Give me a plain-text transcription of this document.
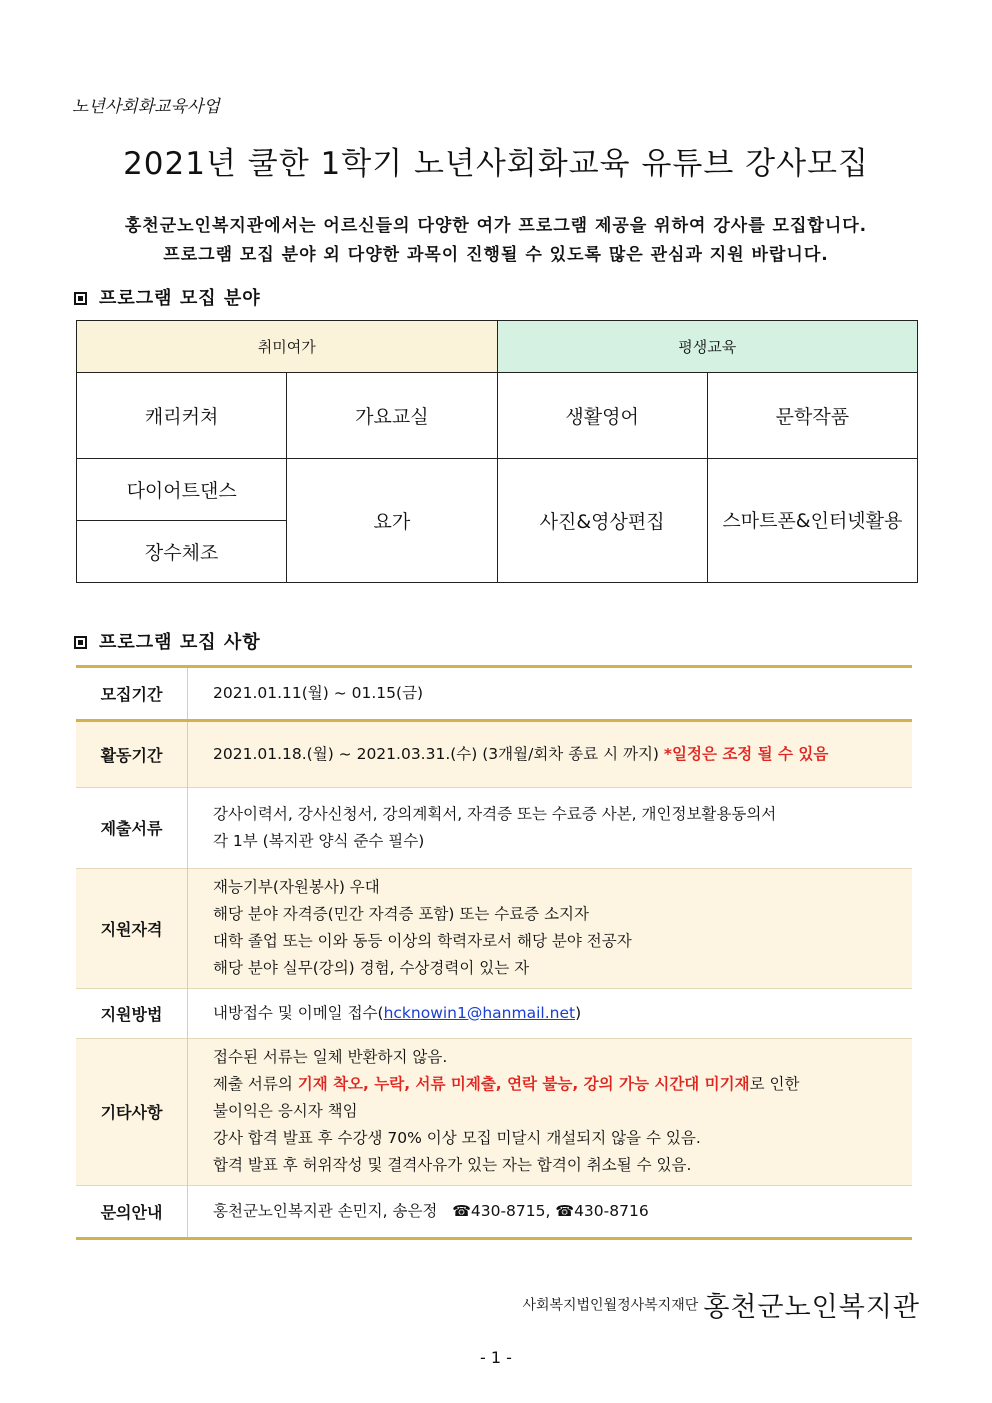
노년사회화교육사업
2021년 쿨한 1학기 노년사회화교육 유튜브 강사모집
홍천군노인복지관에서는 어르신들의 다양한 여가 프로그램 제공을 위하여 강사를 모집합니다.
프로그램 모집 분야 외 다양한 과목이 진행될 수 있도록 많은 관심과 지원 바랍니다.
프로그램 모집 분야
취미여가		평생교육	
캐리커쳐	가요교실	생활영어	문학작품
다이어트댄스	요가	사진&영상편집	스마트폰&인터넷활용
장수체조			
프로그램 모집 사항
모집기간	2021.01.11(월) ~ 01.15(금)
활동기간	2021.01.18.(월) ~ 2021.03.31.(수) (3개월/회차 종료 시 까지) *일정은 조정 될 수 있음
제출서류	강사이력서, 강사신청서, 강의계획서, 자격증 또는 수료증 사본, 개인정보활용동의서
각 1부 (복지관 양식 준수 필수)

지원자격	재능기부(자원봉사) 우대
해당 분야 자격증(민간 자격증 포함) 또는 수료증 소지자
대학 졸업 또는 이와 동등 이상의 학력자로서 해당 분야 전공자
해당 분야 실무(강의) 경험, 수상경력이 있는 자

지원방법	내방접수 및 이메일 접수(hcknowin1@hanmail.net)
기타사항	접수된 서류는 일체 반환하지 않음.
제출 서류의 기재 착오, 누락, 서류 미제출, 연락 불능, 강의 가능 시간대 미기재로 인한
불이익은 응시자 책임
강사 합격 발표 후 수강생 70% 이상 모집 미달시 개설되지 않을 수 있음.
합격 발표 후 허위작성 및 결격사유가 있는 자는 합격이 취소될 수 있음.

문의안내	홍천군노인복지관 손민지, 송은정 ☎430-8715, ☎430-8716
사회복지법인월정사복지재단 홍천군노인복지관
- 1 -
